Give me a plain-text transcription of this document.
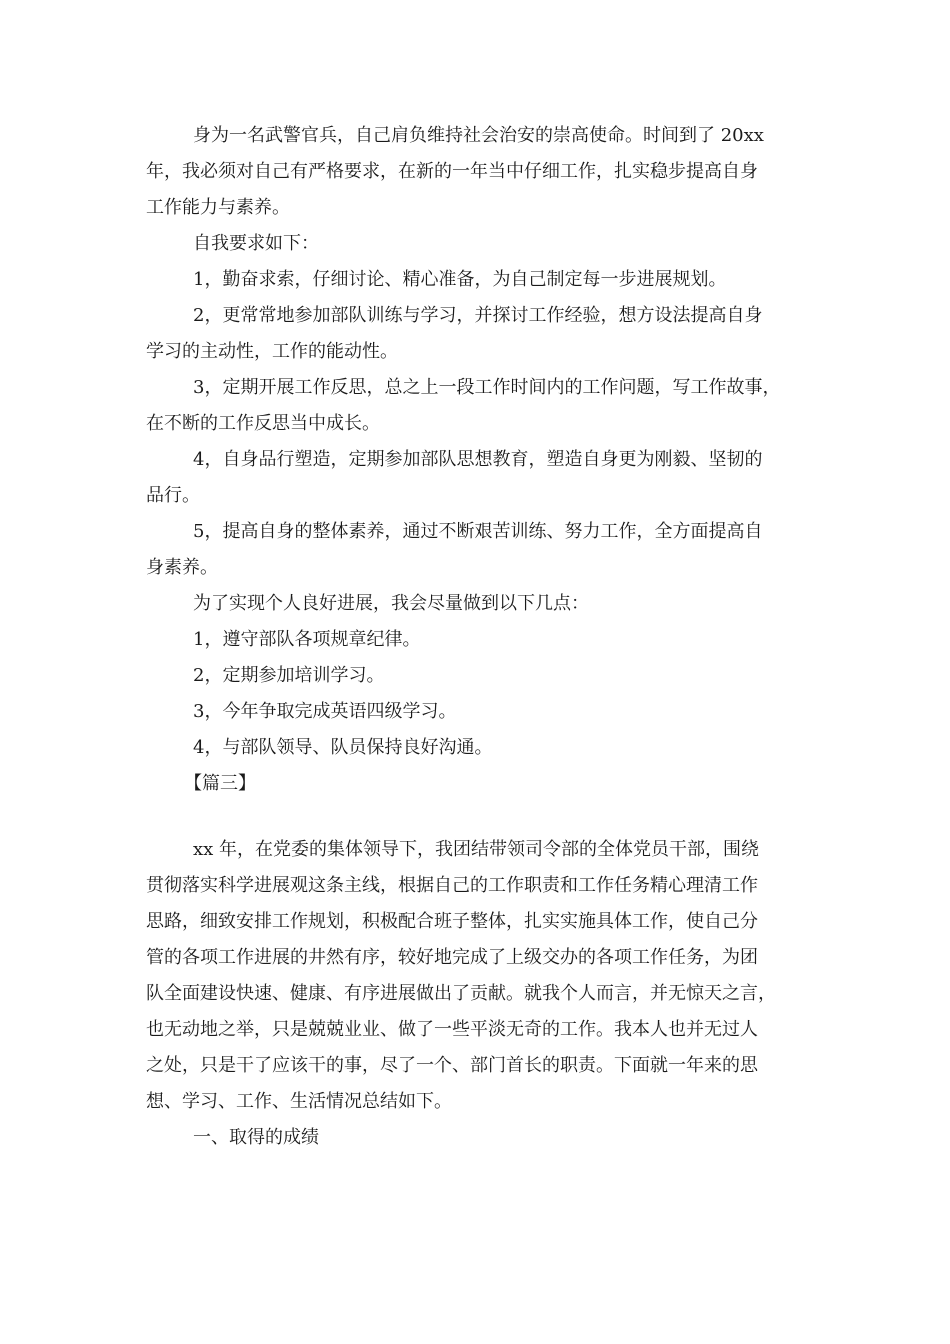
身为一名武警官兵，自己肩负维持社会治安的崇高使命。时间到了 20xx

年，我必须对自己有严格要求，在新的一年当中仔细工作，扎实稳步提高自身

工作能力与素养。

自我要求如下：

1，勤奋求索，仔细讨论、精心准备，为自己制定每一步进展规划。

2，更常常地参加部队训练与学习，并探讨工作经验，想方设法提高自身

学习的主动性，工作的能动性。

3，定期开展工作反思，总之上一段工作时间内的工作问题，写工作故事，

在不断的工作反思当中成长。

4，自身品行塑造，定期参加部队思想教育，塑造自身更为刚毅、坚韧的

品行。

5，提高自身的整体素养，通过不断艰苦训练、努力工作，全方面提高自

身素养。

为了实现个人良好进展，我会尽量做到以下几点：

1，遵守部队各项规章纪律。

2，定期参加培训学习。

3，今年争取完成英语四级学习。

4，与部队领导、队员保持良好沟通。

【篇三】

xx 年，在党委的集体领导下，我团结带领司令部的全体党员干部，围绕

贯彻落实科学进展观这条主线，根据自己的工作职责和工作任务精心理清工作

思路，细致安排工作规划，积极配合班子整体，扎实实施具体工作，使自己分

管的各项工作进展的井然有序，较好地完成了上级交办的各项工作任务，为团

队全面建设快速、健康、有序进展做出了贡献。就我个人而言，并无惊天之言，

也无动地之举，只是兢兢业业、做了一些平淡无奇的工作。我本人也并无过人

之处，只是干了应该干的事，尽了一个、部门首长的职责。下面就一年来的思

想、学习、工作、生活情况总结如下。

一、取得的成绩
